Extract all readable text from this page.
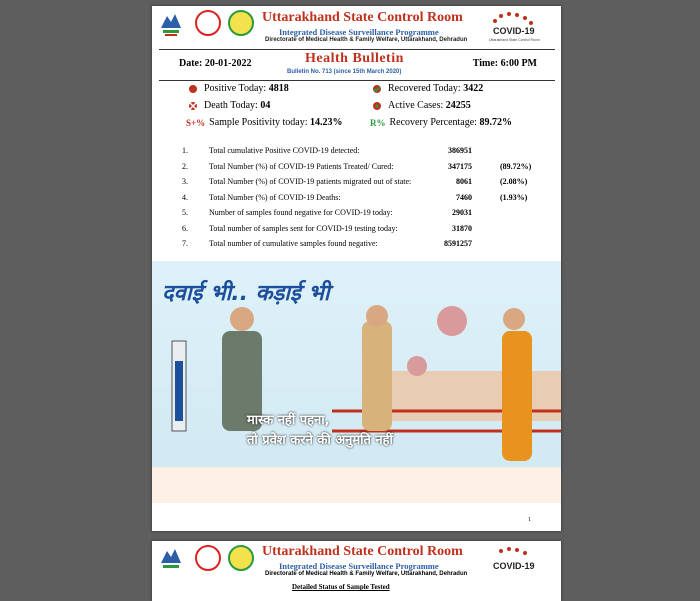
Uttarakhand State Control Room
Integrated Disease Surveillance Programme
Directorate of Medical Health & Family Welfare, Uttarakhand, Dehradun
COVID-19
Uttarakhand State Control Room
Date: 20-01-2022	Health Bulletin
Bulletin No. 713 (since 15th March 2020)
Time: 6:00 PM
Positive Today: 4818	Recovered Today: 3422
Death Today: 04	Active Cases: 24255
S+% Sample Positivity today: 14.23%	R% Recovery Percentage: 89.72%
1.	Total cumulative Positive COVID-19 detected:	386951
2.	Total Number (%) of COVID-19 Patients Treated/ Cured:	347175	(89.72%)
3.	Total Number (%) of COVID-19 patients migrated out of state:	8061	(2.08%)
4.	Total Number (%) of COVID-19 Deaths:	7460	(1.93%)
5.	Number of samples found negative for COVID-19 today:	29031
6.	Total number of samples sent for COVID-19 testing today:	31870
7.	Total number of cumulative samples found negative:	8591257
दवाई भी.. कड़ाई भी
मास्क नहीं पहना,
तो प्रवेश करने की अनुमति नहीं
1
Uttarakhand State Control Room
Integrated Disease Surveillance Programme
Directorate of Medical Health & Family Welfare, Uttarakhand, Dehradun
Detailed Status of Sample Tested
COVID-19
